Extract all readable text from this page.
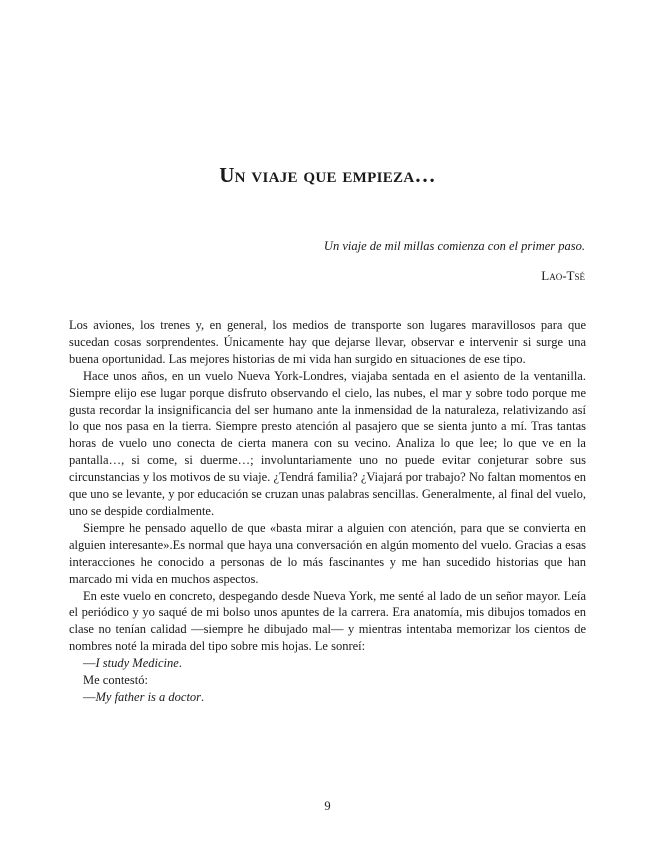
Un viaje que empieza…

Un viaje de mil millas comienza con el primer paso.

Lao-Tsé

Los aviones, los trenes y, en general, los medios de transporte son lugares maravillosos para que sucedan cosas sorprendentes. Únicamente hay que dejarse llevar, observar e intervenir si surge una buena oportunidad. Las mejores historias de mi vida han surgido en situaciones de ese tipo.

Hace unos años, en un vuelo Nueva York-Londres, viajaba sentada en el asiento de la ventanilla. Siempre elijo ese lugar porque disfruto observando el cielo, las nubes, el mar y sobre todo porque me gusta recordar la insignificancia del ser humano ante la inmensidad de la naturaleza, relativizando así lo que nos pasa en la tierra. Siempre presto atención al pasajero que se sienta junto a mí. Tras tantas horas de vuelo uno conecta de cierta manera con su vecino. Analiza lo que lee; lo que ve en la pantalla…, si come, si duerme…; involuntariamente uno no puede evitar conjeturar sobre sus circunstancias y los motivos de su viaje. ¿Tendrá familia? ¿Viajará por trabajo? No faltan momentos en que uno se levante, y por educación se cruzan unas palabras sencillas. Generalmente, al final del vuelo, uno se despide cordialmente.

Siempre he pensado aquello de que «basta mirar a alguien con atención, para que se convierta en alguien interesante».Es normal que haya una conversación en algún momento del vuelo. Gracias a esas interacciones he conocido a personas de lo más fascinantes y me han sucedido historias que han marcado mi vida en muchos aspectos.

En este vuelo en concreto, despegando desde Nueva York, me senté al lado de un señor mayor. Leía el periódico y yo saqué de mi bolso unos apuntes de la carrera. Era anatomía, mis dibujos tomados en clase no tenían calidad —siempre he dibujado mal— y mientras intentaba memorizar los cientos de nombres noté la mirada del tipo sobre mis hojas. Le sonreí:

—I study Medicine.

Me contestó:

—My father is a doctor.

9
